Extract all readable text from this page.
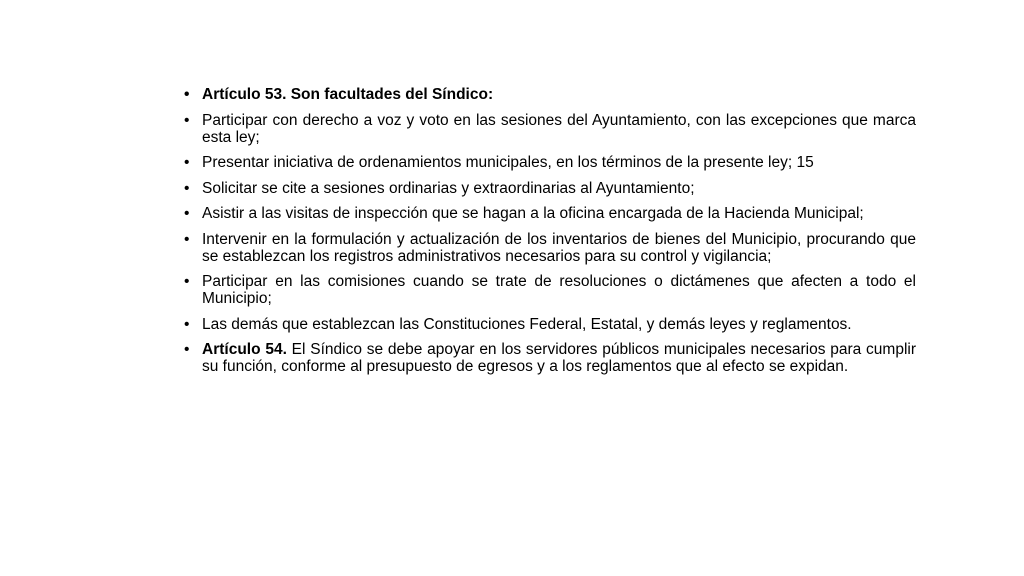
• Artículo 53. Son facultades del Síndico:
• Participar con derecho a voz y voto en las sesiones del Ayuntamiento, con las excepciones que marca esta ley;
• Presentar iniciativa de ordenamientos municipales, en los términos de la presente ley; 15
• Solicitar se cite a sesiones ordinarias y extraordinarias al Ayuntamiento;
• Asistir a las visitas de inspección que se hagan a la oficina encargada de la Hacienda Municipal;
• Intervenir en la formulación y actualización de los inventarios de bienes del Municipio, procurando que se establezcan los registros administrativos necesarios para su control y vigilancia;
• Participar en las comisiones cuando se trate de resoluciones o dictámenes que afecten a todo el Municipio;
• Las demás que establezcan las Constituciones Federal, Estatal, y demás leyes y reglamentos.
• Artículo 54. El Síndico se debe apoyar en los servidores públicos municipales necesarios para cumplir su función, conforme al presupuesto de egresos y a los reglamentos que al efecto se expidan.
